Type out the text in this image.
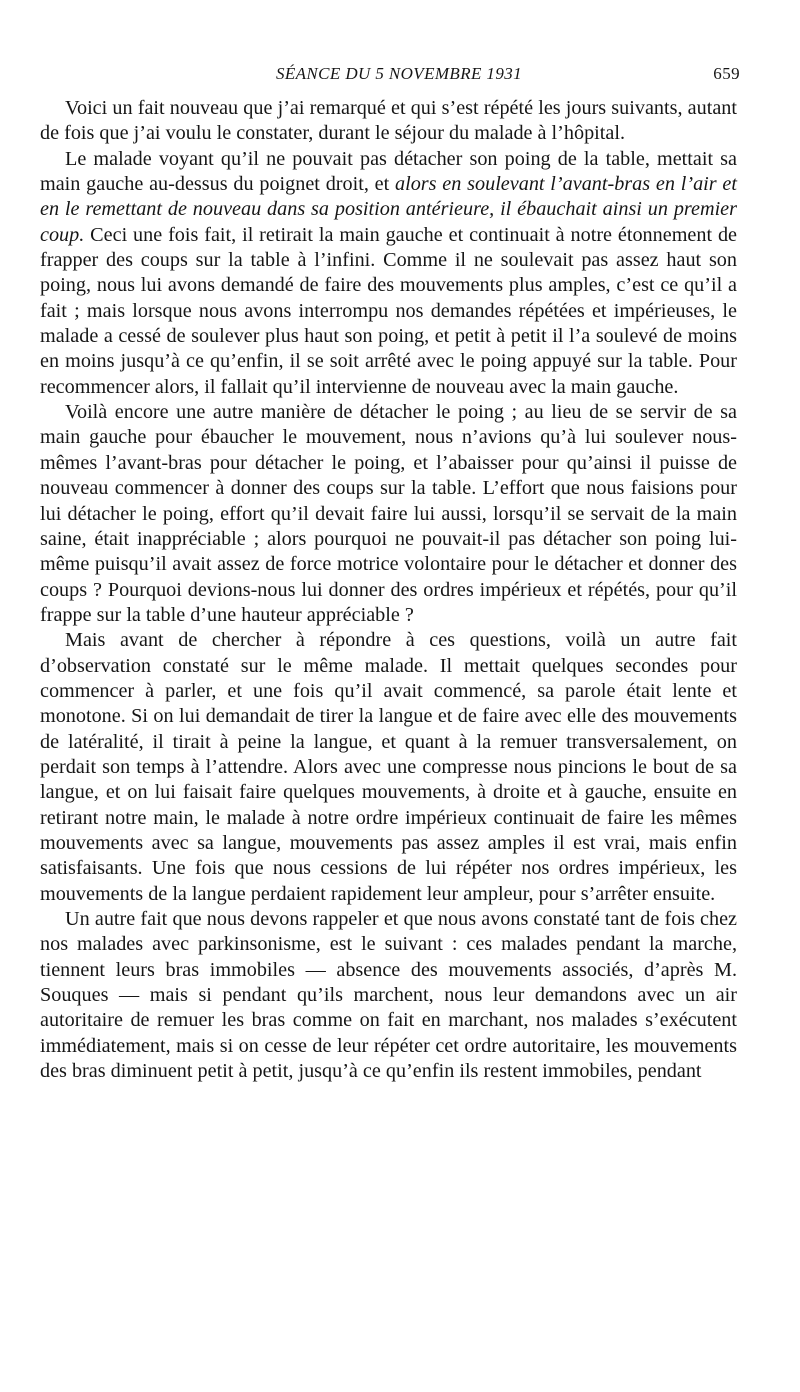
SÉANCE DU 5 NOVEMBRE 1931	659

Voici un fait nouveau que j’ai remarqué et qui s’est répété les jours suivants, autant de fois que j’ai voulu le constater, durant le séjour du malade à l’hôpital.

Le malade voyant qu’il ne pouvait pas détacher son poing de la table, mettait sa main gauche au-dessus du poignet droit, et alors en soulevant l’avant-bras en l’air et en le remettant de nouveau dans sa position antérieure, il ébauchait ainsi un premier coup. Ceci une fois fait, il retirait la main gauche et continuait à notre étonnement de frapper des coups sur la table à l’infini. Comme il ne soulevait pas assez haut son poing, nous lui avons demandé de faire des mouvements plus amples, c’est ce qu’il a fait ; mais lorsque nous avons interrompu nos demandes répétées et impérieuses, le malade a cessé de soulever plus haut son poing, et petit à petit il l’a soulevé de moins en moins jusqu’à ce qu’enfin, il se soit arrêté avec le poing appuyé sur la table. Pour recommencer alors, il fallait qu’il intervienne de nouveau avec la main gauche.

Voilà encore une autre manière de détacher le poing ; au lieu de se servir de sa main gauche pour ébaucher le mouvement, nous n’avions qu’à lui soulever nous-mêmes l’avant-bras pour détacher le poing, et l’abaisser pour qu’ainsi il puisse de nouveau commencer à donner des coups sur la table. L’effort que nous faisions pour lui détacher le poing, effort qu’il devait faire lui aussi, lorsqu’il se servait de la main saine, était inappréciable ; alors pourquoi ne pouvait-il pas détacher son poing lui-même puisqu’il avait assez de force motrice volontaire pour le détacher et donner des coups ? Pourquoi devions-nous lui donner des ordres impérieux et répétés, pour qu’il frappe sur la table d’une hauteur appréciable ?

Mais avant de chercher à répondre à ces questions, voilà un autre fait d’observation constaté sur le même malade. Il mettait quelques secondes pour commencer à parler, et une fois qu’il avait commencé, sa parole était lente et monotone. Si on lui demandait de tirer la langue et de faire avec elle des mouvements de latéralité, il tirait à peine la langue, et quant à la remuer transversalement, on perdait son temps à l’attendre. Alors avec une compresse nous pincions le bout de sa langue, et on lui faisait faire quelques mouvements, à droite et à gauche, ensuite en retirant notre main, le malade à notre ordre impérieux continuait de faire les mêmes mouvements avec sa langue, mouvements pas assez amples il est vrai, mais enfin satisfaisants. Une fois que nous cessions de lui répéter nos ordres impérieux, les mouvements de la langue perdaient rapidement leur ampleur, pour s’arrêter ensuite.

Un autre fait que nous devons rappeler et que nous avons constaté tant de fois chez nos malades avec parkinsonisme, est le suivant : ces malades pendant la marche, tiennent leurs bras immobiles — absence des mouvements associés, d’après M. Souques — mais si pendant qu’ils marchent, nous leur demandons avec un air autoritaire de remuer les bras comme on fait en marchant, nos malades s’exécutent immédiatement, mais si on cesse de leur répéter cet ordre autoritaire, les mouvements des bras diminuent petit à petit, jusqu’à ce qu’enfin ils restent immobiles, pendant
